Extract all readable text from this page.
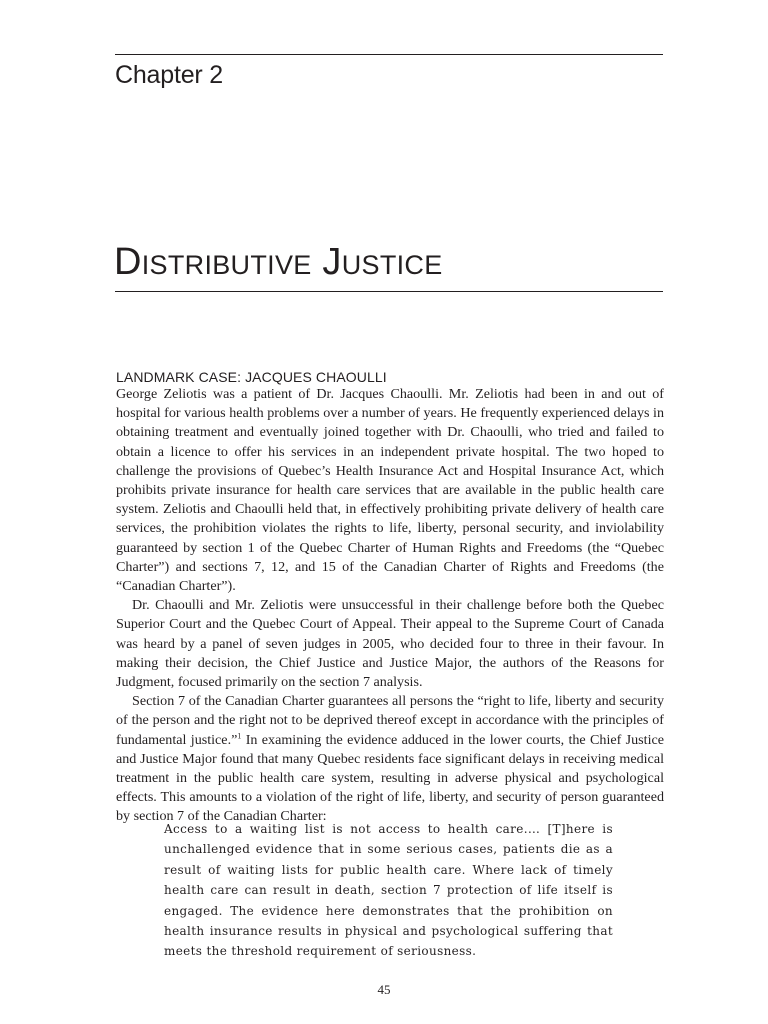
Chapter 2
Distributive Justice
LANDMARK CASE: JACQUES CHAOULLI

George Zeliotis was a patient of Dr. Jacques Chaoulli. Mr. Zeliotis had been in and out of hospital for various health problems over a number of years. He frequently experienced delays in obtaining treatment and eventually joined together with Dr. Chaoulli, who tried and failed to obtain a licence to offer his services in an independent private hospital. The two hoped to challenge the provisions of Quebec’s Health Insurance Act and Hospital Insurance Act, which prohibits private insurance for health care services that are available in the public health care system. Zeliotis and Chaoulli held that, in effectively prohibiting private delivery of health care services, the prohibition violates the rights to life, liberty, personal security, and inviolability guaranteed by section 1 of the Quebec Charter of Human Rights and Freedoms (the “Quebec Charter”) and sections 7, 12, and 15 of the Canadian Charter of Rights and Freedoms (the “Canadian Charter”).

Dr. Chaoulli and Mr. Zeliotis were unsuccessful in their challenge before both the Quebec Superior Court and the Quebec Court of Appeal. Their appeal to the Supreme Court of Canada was heard by a panel of seven judges in 2005, who decided four to three in their favour. In making their decision, the Chief Justice and Justice Major, the authors of the Reasons for Judgment, focused primarily on the section 7 analysis.

Section 7 of the Canadian Charter guarantees all persons the “right to life, liberty and security of the person and the right not to be deprived thereof except in accordance with the principles of fundamental justice.”$^1$ In examining the evidence adduced in the lower courts, the Chief Justice and Justice Major found that many Quebec residents face significant delays in receiving medical treatment in the public health care system, resulting in adverse physical and psychological effects. This amounts to a violation of the right of life, liberty, and security of person guaranteed by section 7 of the Canadian Charter:

Access to a waiting list is not access to health care.… [T]here is unchallenged evidence that in some serious cases, patients die as a result of waiting lists for public health care. Where lack of timely health care can result in death, section 7 protection of life itself is engaged. The evidence here demonstrates that the prohibition on health insurance results in physical and psychological suffering that meets the threshold requirement of seriousness.
45
